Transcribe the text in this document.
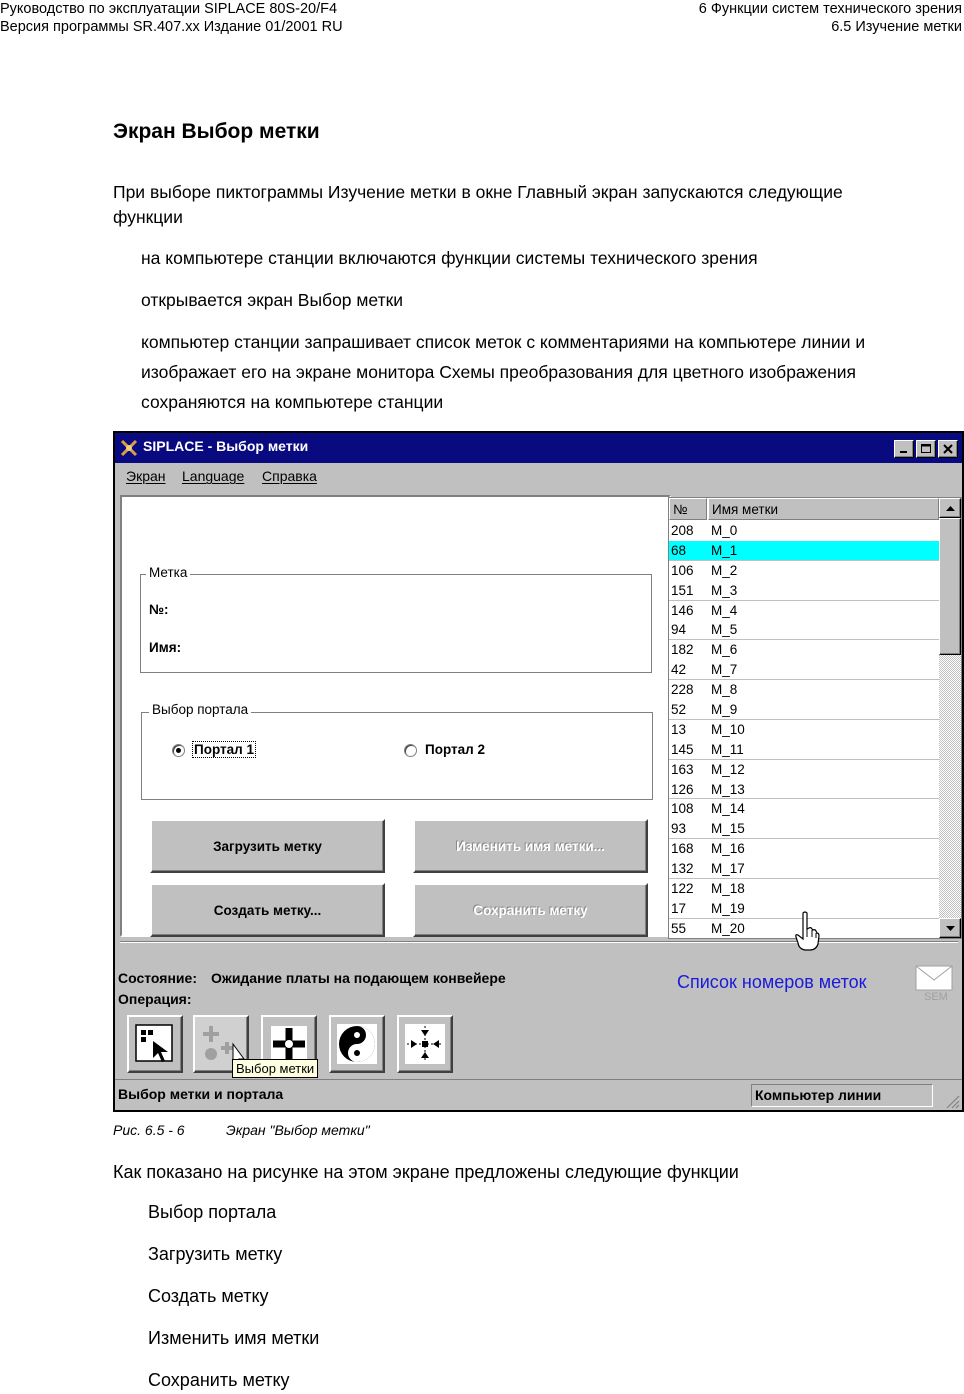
Руководство по эксплуатации SIPLACE 80S-20/F4
Версия программы SR.407.xx Издание 01/2001 RU
6 Функции систем технического зрения
6.5 Изучение метки
Экран Выбор метки
При выборе пиктограммы Изучение метки в окне Главный экран запускаются следующие
функции
на компьютере станции включаются функции системы технического зрения
открывается экран Выбор метки
компьютер станции запрашивает список меток с комментариями на компьютере линии и
изображает его на экране монитора Схемы преобразования для цветного изображения
сохраняются на компьютере станции
SIPLACE - Выбор метки
Экран Language Справка
Метка
№:
Имя:
Выбор портала
Портал 1	Портал 2
Загрузить метку	Изменить имя метки...
Создать метку...	Сохранить метку
№	Имя метки
208 M_0
68 M_1
106 M_2
151 M_3
146 M_4
94 M_5
182 M_6
42 M_7
228 M_8
52 M_9
13 M_10
145 M_11
163 M_12
126 M_13
108 M_14
93 M_15
168 M_16
132 M_17
122 M_18
17 M_19
55 M_20
Состояние: Ожидание платы на подающем конвейере
Операция:
Список номеров меток
SEM
Выбор метки
Выбор метки и портала	Компьютер линии
Рис. 6.5 - 6	Экран "Выбор метки"
Как показано на рисунке на этом экране предложены следующие функции
Выбор портала
Загрузить метку
Создать метку
Изменить имя метки
Сохранить метку
